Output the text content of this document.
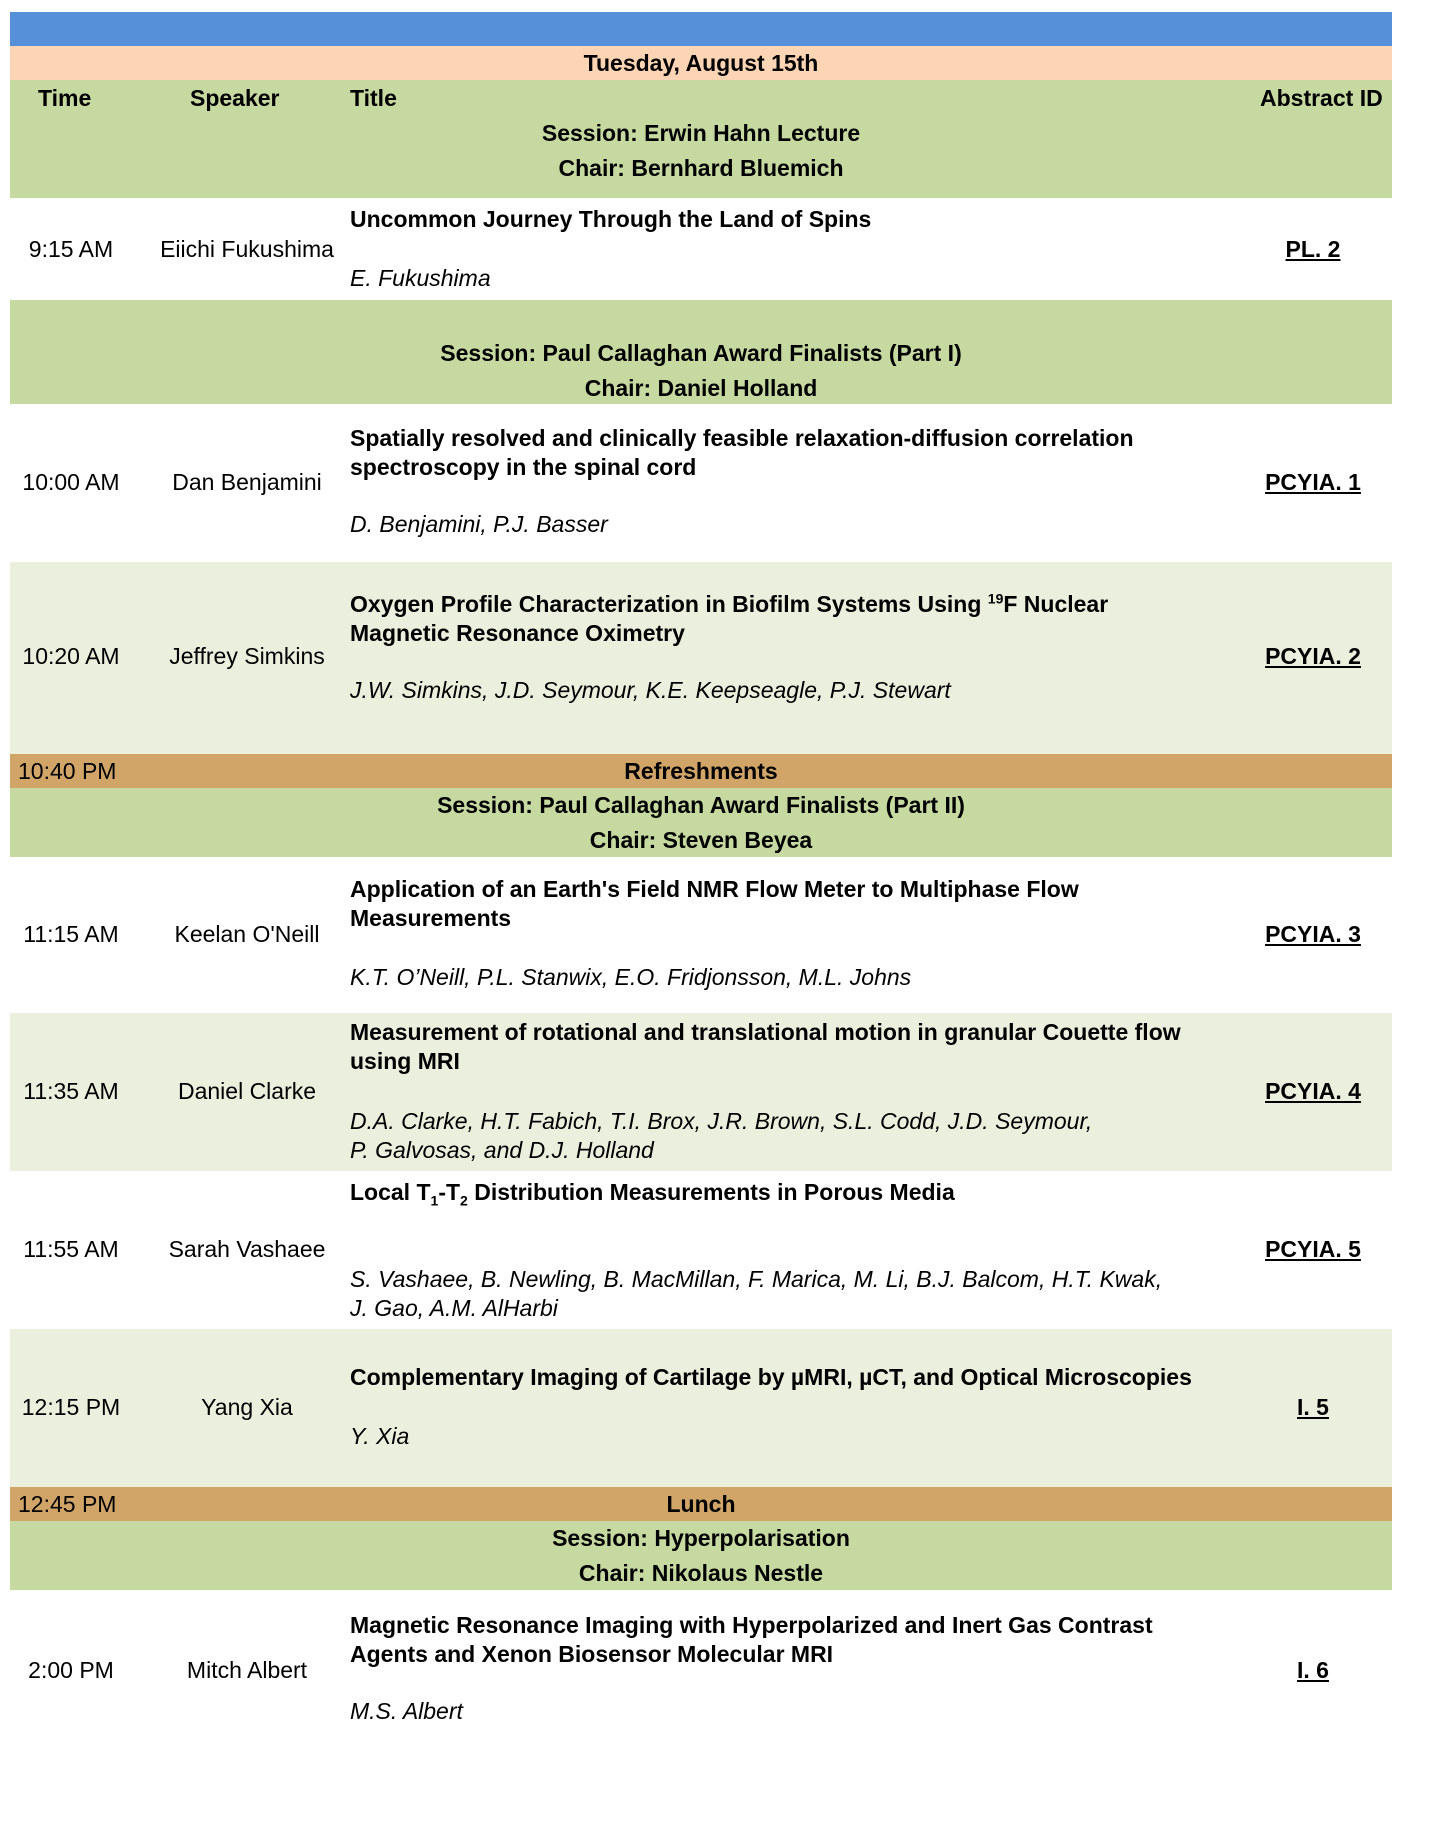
Tuesday, August 15th
Time	Speaker	Title	Abstract ID
Session: Erwin Hahn Lecture
Chair: Bernhard Bluemich
9:15 AM	Eiichi Fukushima
Uncommon Journey Through the Land of Spins
E. Fukushima
PL. 2
Session: Paul Callaghan Award Finalists (Part I)
Chair: Daniel Holland
10:00 AM	Dan Benjamini
Spatially resolved and clinically feasible relaxation-diffusion correlation
spectroscopy in the spinal cord
D. Benjamini, P.J. Basser
PCYIA. 1
10:20 AM	Jeffrey Simkins
Oxygen Profile Characterization in Biofilm Systems Using $^{19}$F Nuclear
Magnetic Resonance Oximetry
J.W. Simkins, J.D. Seymour, K.E. Keepseagle, P.J. Stewart
PCYIA. 2
10:40 PM	Refreshments
Session: Paul Callaghan Award Finalists (Part II)
Chair: Steven Beyea
11:15 AM	Keelan O'Neill
Application of an Earth's Field NMR Flow Meter to Multiphase Flow
Measurements
K.T. O’Neill, P.L. Stanwix, E.O. Fridjonsson, M.L. Johns
PCYIA. 3
11:35 AM	Daniel Clarke
Measurement of rotational and translational motion in granular Couette flow
using MRI
D.A. Clarke, H.T. Fabich, T.I. Brox, J.R. Brown, S.L. Codd, J.D. Seymour,
P. Galvosas, and D.J. Holland
PCYIA. 4
11:55 AM	Sarah Vashaee
Local $T_1-T_2$ Distribution Measurements in Porous Media
S. Vashaee, B. Newling, B. MacMillan, F. Marica, M. Li, B.J. Balcom, H.T. Kwak,
J. Gao, A.M. AlHarbi
PCYIA. 5
12:15 PM	Yang Xia
Complementary Imaging of Cartilage by µMRI, µCT, and Optical Microscopies
Y. Xia
I. 5
12:45 PM	Lunch
Session: Hyperpolarisation
Chair: Nikolaus Nestle
2:00 PM	Mitch Albert
Magnetic Resonance Imaging with Hyperpolarized and Inert Gas Contrast
Agents and Xenon Biosensor Molecular MRI
M.S. Albert
I. 6
